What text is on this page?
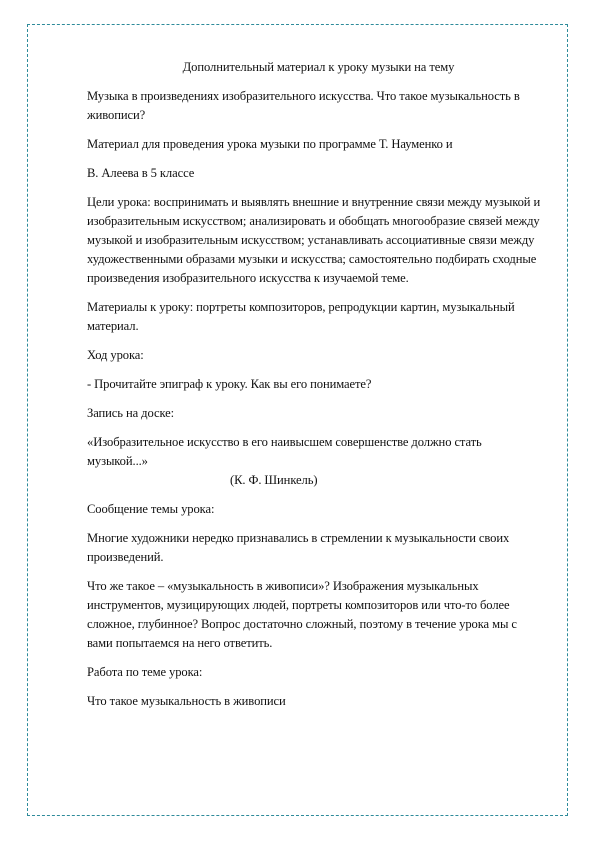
Дополнительный материал к уроку музыки на тему

Музыка в произведениях изобразительного искусства. Что такое музыкальность в живописи?

Материал для проведения урока музыки по программе Т. Науменко и

В. Алеева в 5 классе

Цели урока: воспринимать и выявлять внешние и внутренние связи между музыкой и изобразительным искусством; анализировать и обобщать многообразие связей между музыкой и изобразительным искусством; устанавливать ассоциативные связи между художественными образами музыки и искусства; самостоятельно подбирать сходные произведения изобразительного искусства к изучаемой теме.

Материалы к уроку: портреты композиторов, репродукции картин, музыкальный материал.

Ход урока:

- Прочитайте эпиграф к уроку. Как вы его понимаете?

Запись на доске:

«Изобразительное искусство в его наивысшем совершенстве должно стать музыкой...»
(К. Ф. Шинкель)

Сообщение темы урока:

Многие художники нередко признавались в стремлении к музыкальности своих произведений.

Что же такое – «музыкальность в живописи»? Изображения музыкальных инструментов, музицирующих людей, портреты композиторов или что-то более сложное, глубинное? Вопрос достаточно сложный, поэтому в течение урока мы с вами попытаемся на него ответить.

Работа по теме урока:

Что такое музыкальность в живописи
